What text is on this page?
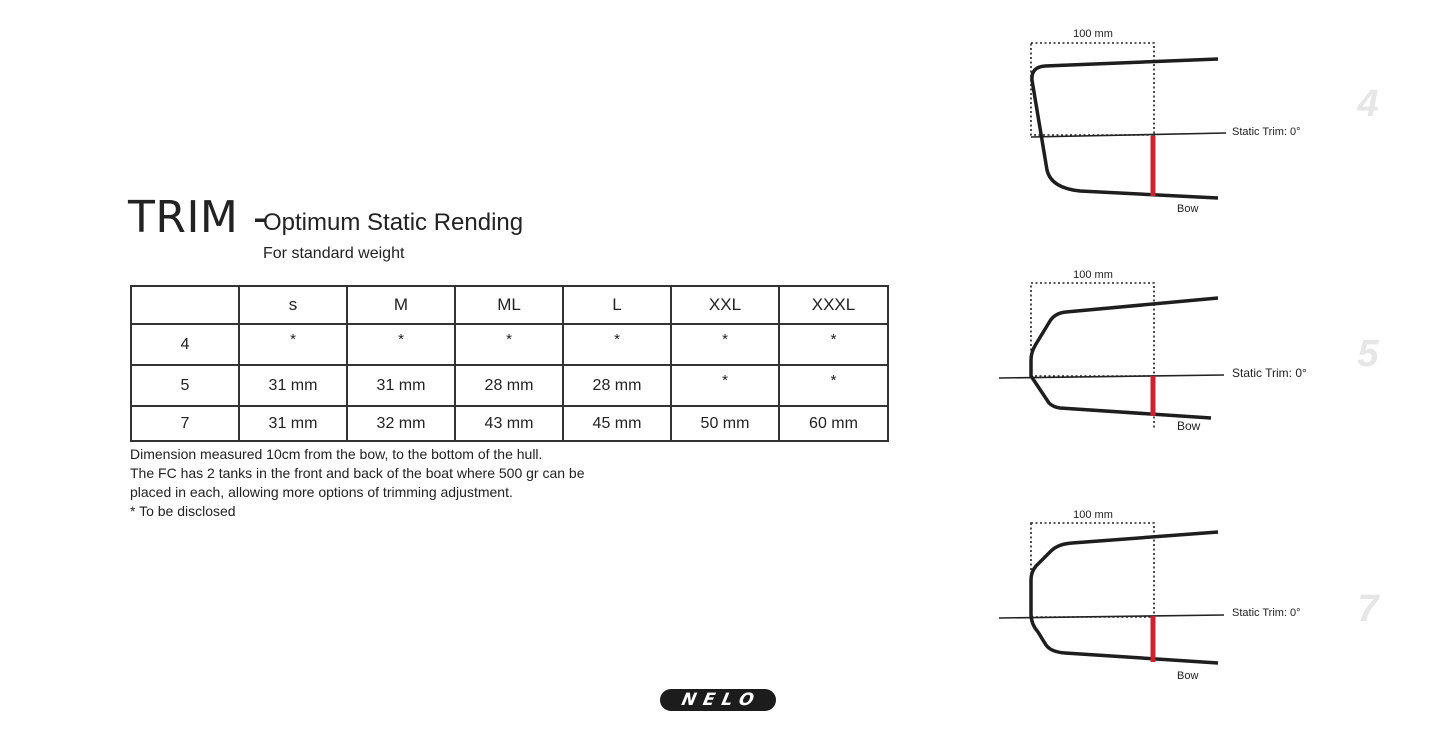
TRIM -
Optimum Static Rending
For standard weight
	s	M	ML	L	XXL	XXXL
4	*	*	*	*	*	*
5	31 mm	31 mm	28 mm	28 mm	*	*
7	31 mm	32 mm	43 mm	45 mm	50 mm	60 mm
Dimension measured 10cm from the bow, to the bottom of the hull.
The FC has 2 tanks in the front and back of the boat where 500 gr can be
placed in each, allowing more options of trimming adjustment.
* To be disclosed
100 mm
Static Trim: 0°
Bow
4
100 mm
Static Trim: 0°
Bow
5
100 mm
Static Trim: 0°
Bow
7
NELO
